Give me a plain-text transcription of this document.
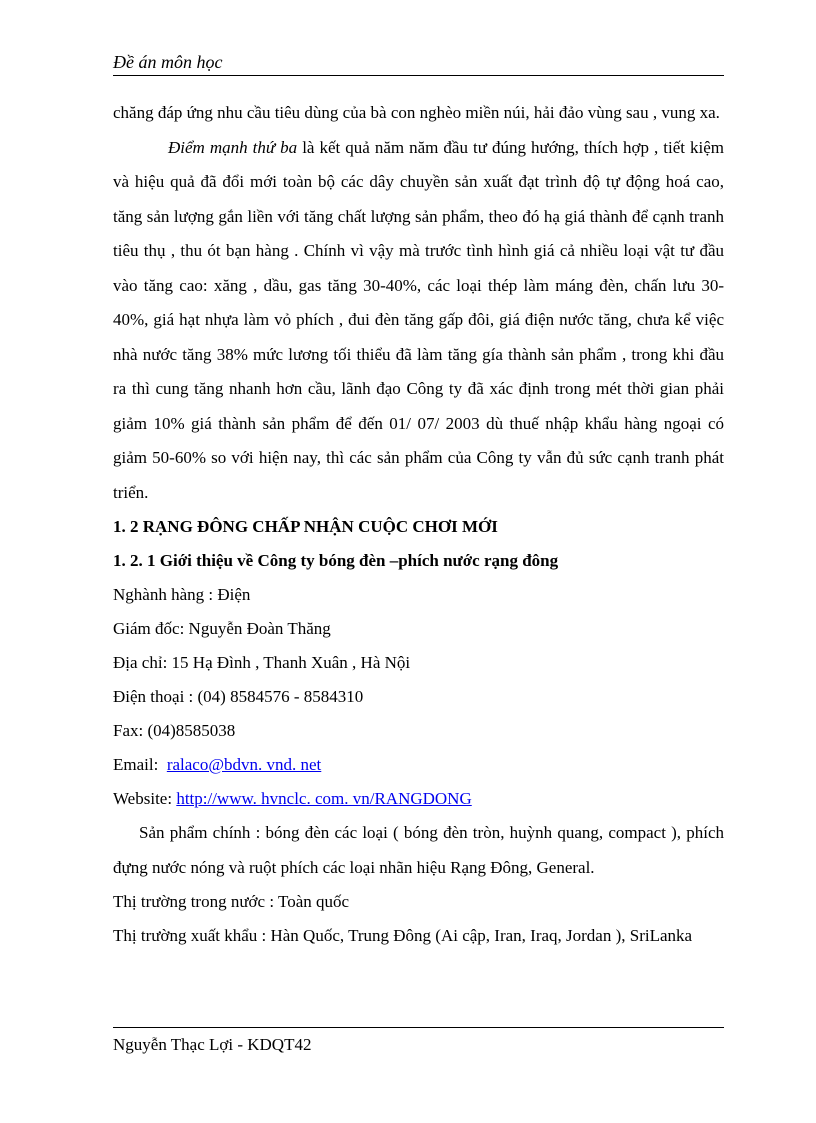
Đề án môn học

chăng đáp ứng nhu cầu tiêu dùng của bà con nghèo miền núi, hải đảo vùng sau , vung xa.

Điểm mạnh thứ ba là kết quả năm năm đầu tư đúng hướng, thích hợp , tiết kiệm và hiệu quả đã đổi mới toàn bộ các dây chuyền sản xuất đạt trình độ tự động hoá cao, tăng sản lượng gắn liền với tăng chất lượng sản phẩm, theo đó hạ giá thành để cạnh tranh tiêu thụ , thu ót bạn hàng . Chính vì vậy mà trước tình hình giá cả nhiều loại vật tư đầu vào tăng cao: xăng , dầu, gas tăng 30-40%, các loại thép làm máng đèn, chấn lưu 30-40%, giá hạt nhựa làm vỏ phích , đui đèn tăng gấp đôi, giá điện nước tăng, chưa kể việc nhà nước tăng 38% mức lương tối thiểu đã làm tăng gía thành sản phẩm , trong khi đầu ra thì cung tăng nhanh hơn cầu, lãnh đạo Công ty đã xác định trong mét thời gian phải giảm 10% giá thành sản phẩm để đến 01/ 07/ 2003 dù thuế nhập khẩu hàng ngoại có giảm 50-60% so với hiện nay, thì các sản phẩm của Công ty vẫn đủ sức cạnh tranh phát triển.

1. 2 RẠNG ĐÔNG CHẤP NHẬN CUỘC CHƠI MỚI

1. 2. 1 Giới thiệu về Công ty bóng đèn –phích nước rạng đông

Nghành hàng : Điện

Giám đốc: Nguyễn Đoàn Thăng

Địa chỉ: 15 Hạ Đình , Thanh Xuân , Hà Nội

Điện thoại : (04) 8584576 - 8584310

Fax: (04)8585038

Email:  ralaco@bdvn. vnd. net

Website: http://www. hvnclc. com. vn/RANGDONG

Sản phẩm chính : bóng đèn các loại ( bóng đèn tròn, huỳnh quang, compact ), phích đựng nước nóng và ruột phích các loại nhãn hiệu Rạng Đông, General.

Thị trường trong nước : Toàn quốc

Thị trường xuất khẩu : Hàn Quốc, Trung Đông (Ai cập, Iran, Iraq, Jordan ), SriLanka

Nguyễn Thạc Lợi - KDQT42
